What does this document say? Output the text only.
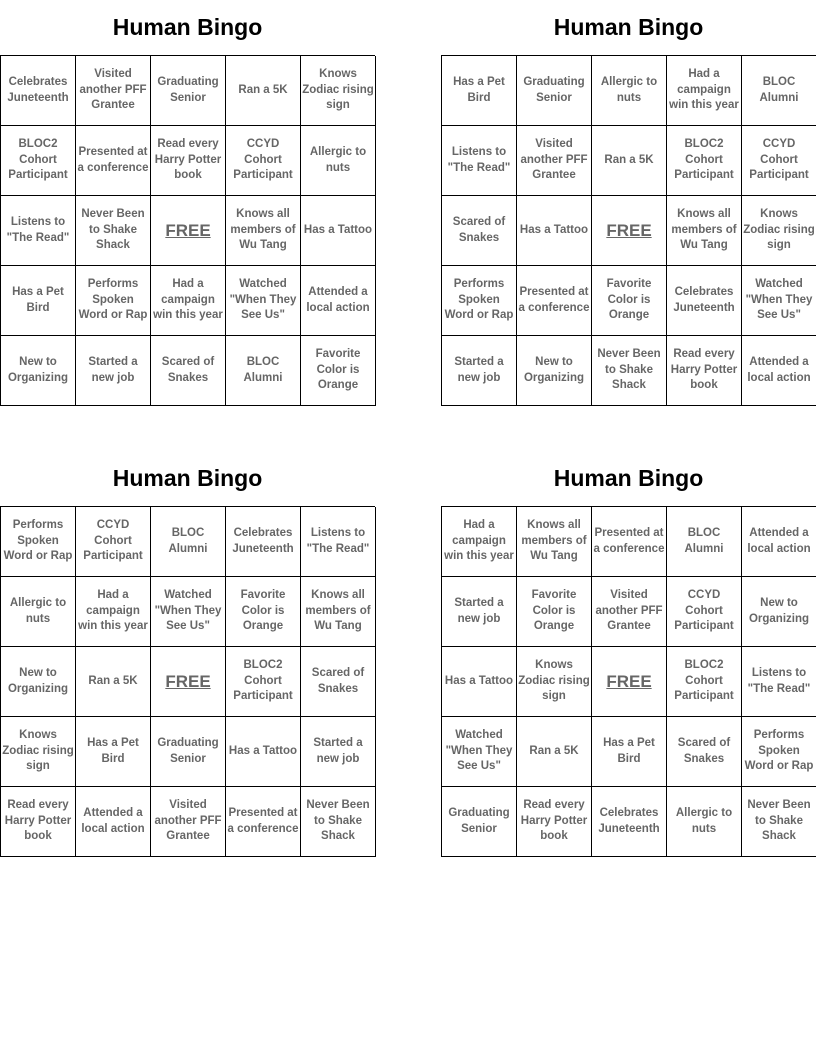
Human Bingo
Celebrates Juneteenth
Visited another PFF Grantee
Graduating Senior
Ran a 5K
Knows Zodiac rising sign
BLOC2 Cohort Participant
Presented at a conference
Read every Harry Potter book
CCYD Cohort Participant
Allergic to nuts
Listens to "The Read"
Never Been to Shake Shack
FREE
Knows all members of Wu Tang
Has a Tattoo
Has a Pet Bird
Performs Spoken Word or Rap
Had a campaign win this year
Watched "When They See Us"
Attended a local action
New to Organizing
Started a new job
Scared of Snakes
BLOC Alumni
Favorite Color is Orange
Human Bingo
Has a Pet Bird
Graduating Senior
Allergic to nuts
Had a campaign win this year
BLOC Alumni
Listens to "The Read"
Visited another PFF Grantee
Ran a 5K
BLOC2 Cohort Participant
CCYD Cohort Participant
Scared of Snakes
Has a Tattoo	FREE
Knows all members of Wu Tang
Knows Zodiac rising sign
Performs Spoken Word or Rap
Presented at a conference
Favorite Color is Orange
Celebrates Juneteenth
Watched "When They See Us"
Started a new job
New to Organizing
Never Been to Shake Shack
Read every Harry Potter book
Attended a local action
Human Bingo
Performs Spoken Word or Rap
CCYD Cohort Participant
BLOC Alumni
Celebrates Juneteenth
Listens to "The Read"
Allergic to nuts
Had a campaign win this year
Watched "When They See Us"
Favorite Color is Orange
Knows all members of Wu Tang
New to Organizing
Ran a 5K	FREE
BLOC2 Cohort Participant
Scared of Snakes
Knows Zodiac rising sign
Has a Pet Bird
Graduating Senior
Has a Tattoo
Started a new job
Read every Harry Potter book
Attended a local action
Visited another PFF Grantee
Presented at a conference
Never Been to Shake Shack
Human Bingo
Had a campaign win this year
Knows all members of Wu Tang
Presented at a conference
BLOC Alumni
Attended a local action
Started a new job
Favorite Color is Orange
Visited another PFF Grantee
CCYD Cohort Participant
New to Organizing
Has a Tattoo
Knows Zodiac rising sign
FREE
BLOC2 Cohort Participant
Listens to "The Read"
Watched "When They See Us"
Ran a 5K
Has a Pet Bird
Scared of Snakes
Performs Spoken Word or Rap
Graduating Senior
Read every Harry Potter book
Celebrates Juneteenth
Allergic to nuts
Never Been to Shake Shack
